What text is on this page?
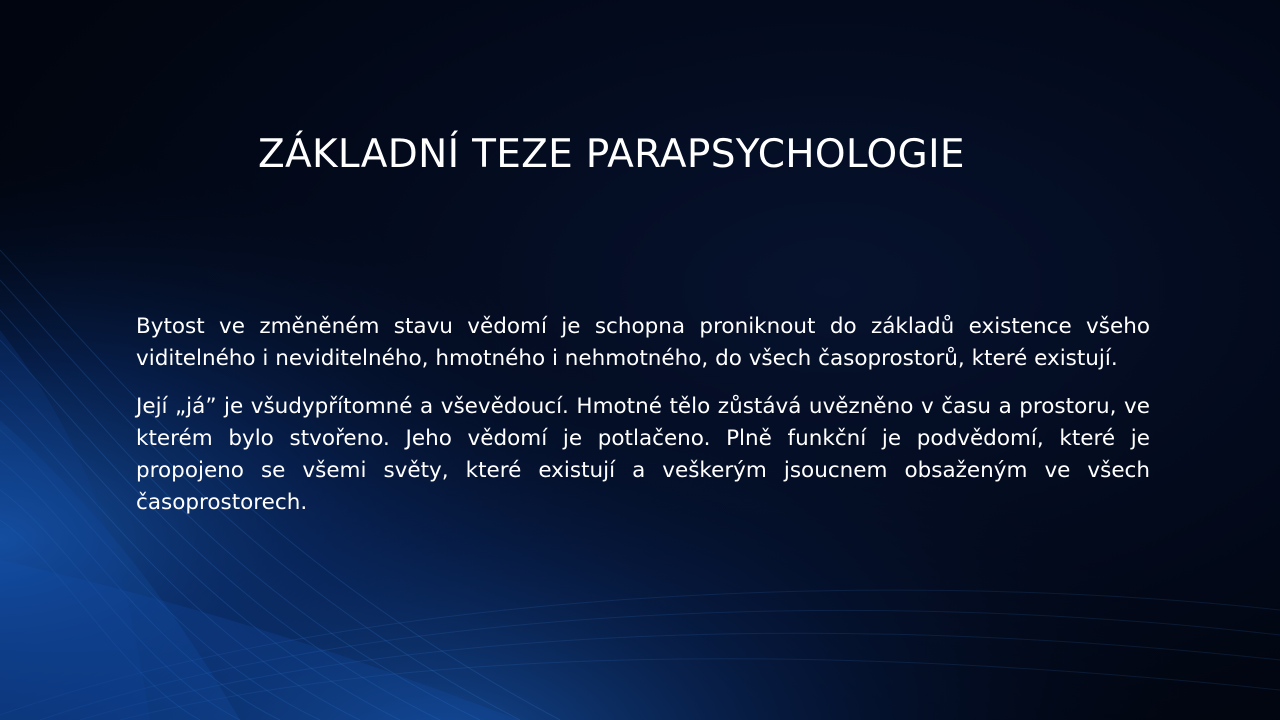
ZÁKLADNÍ TEZE PARAPSYCHOLOGIE

Bytost ve změněném stavu vědomí je schopna proniknout do základů existence všeho viditelného i neviditelného, hmotného i nehmotného, do všech časoprostorů, které existují.

Její „já” je všudypřítomné a vševědoucí. Hmotné tělo zůstává uvězněno v času a prostoru, ve kterém bylo stvořeno. Jeho vědomí je potlačeno. Plně funkční je podvědomí, které je propojeno se všemi světy, které existují a veškerým jsoucnem obsaženým ve všech časoprostorech.
